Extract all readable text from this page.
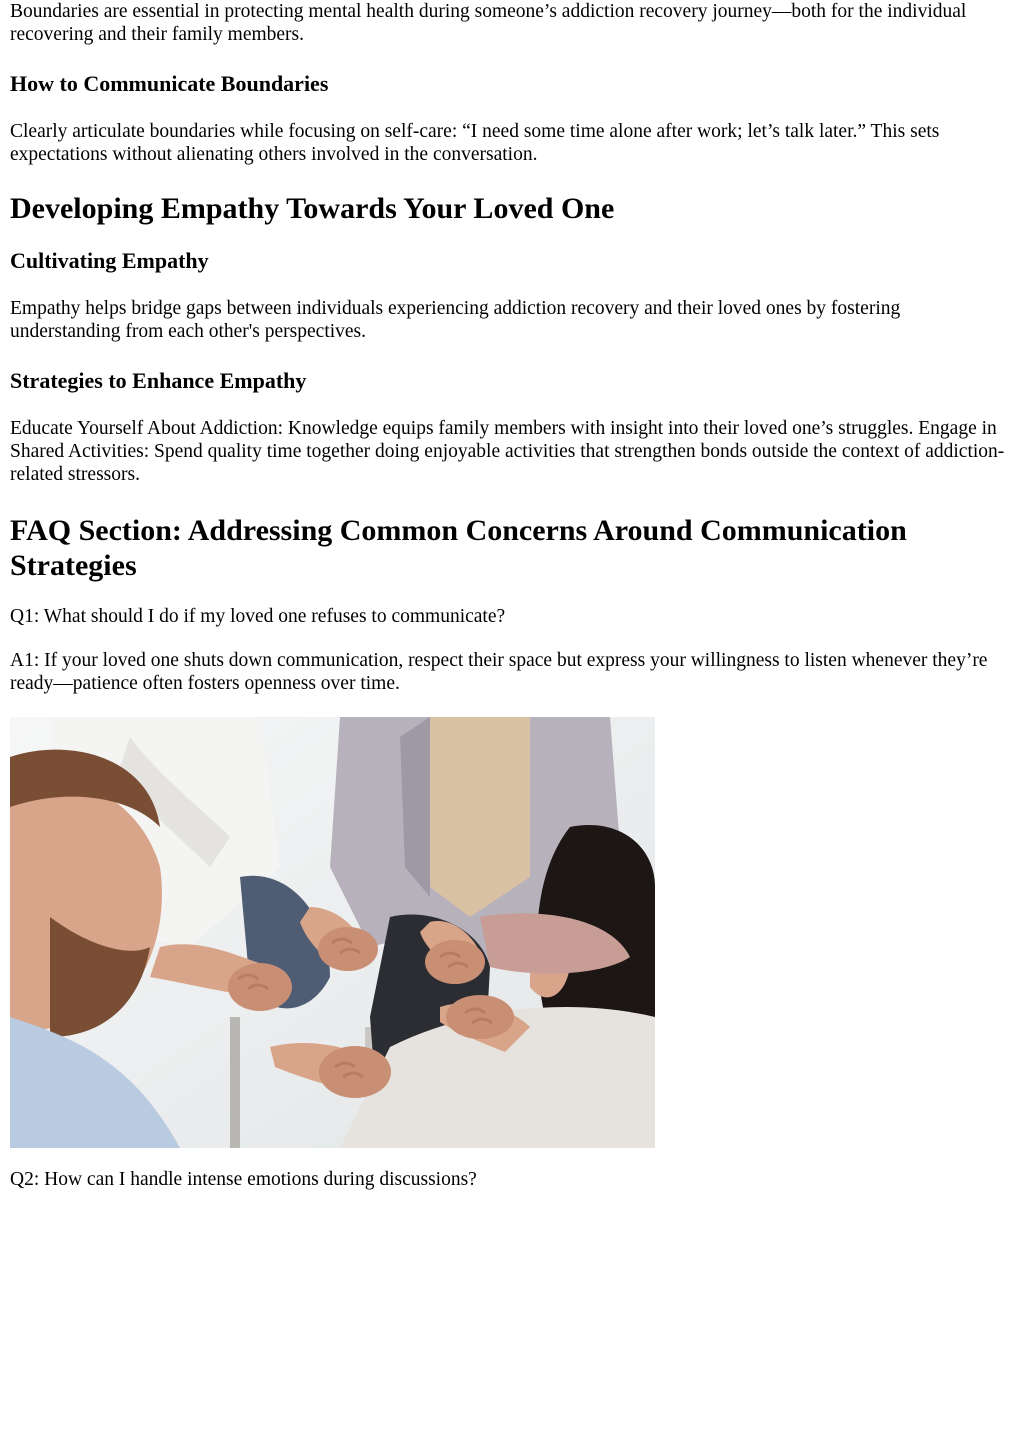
Boundaries are essential in protecting mental health during someone’s addiction recovery journey—both for the individual recovering and their family members.

How to Communicate Boundaries

Clearly articulate boundaries while focusing on self-care: “I need some time alone after work; let’s talk later.” This sets expectations without alienating others involved in the conversation.

Developing Empathy Towards Your Loved One
Cultivating Empathy

Empathy helps bridge gaps between individuals experiencing addiction recovery and their loved ones by fostering understanding from each other's perspectives.

Strategies to Enhance Empathy

Educate Yourself About Addiction: Knowledge equips family members with insight into their loved one’s struggles. Engage in Shared Activities: Spend quality time together doing enjoyable activities that strengthen bonds outside the context of addiction-related stressors.

FAQ Section: Addressing Common Concerns Around Communication Strategies

Q1: What should I do if my loved one refuses to communicate?

A1: If your loved one shuts down communication, respect their space but express your willingness to listen whenever they’re ready—patience often fosters openness over time.

Q2: How can I handle intense emotions during discussions?
